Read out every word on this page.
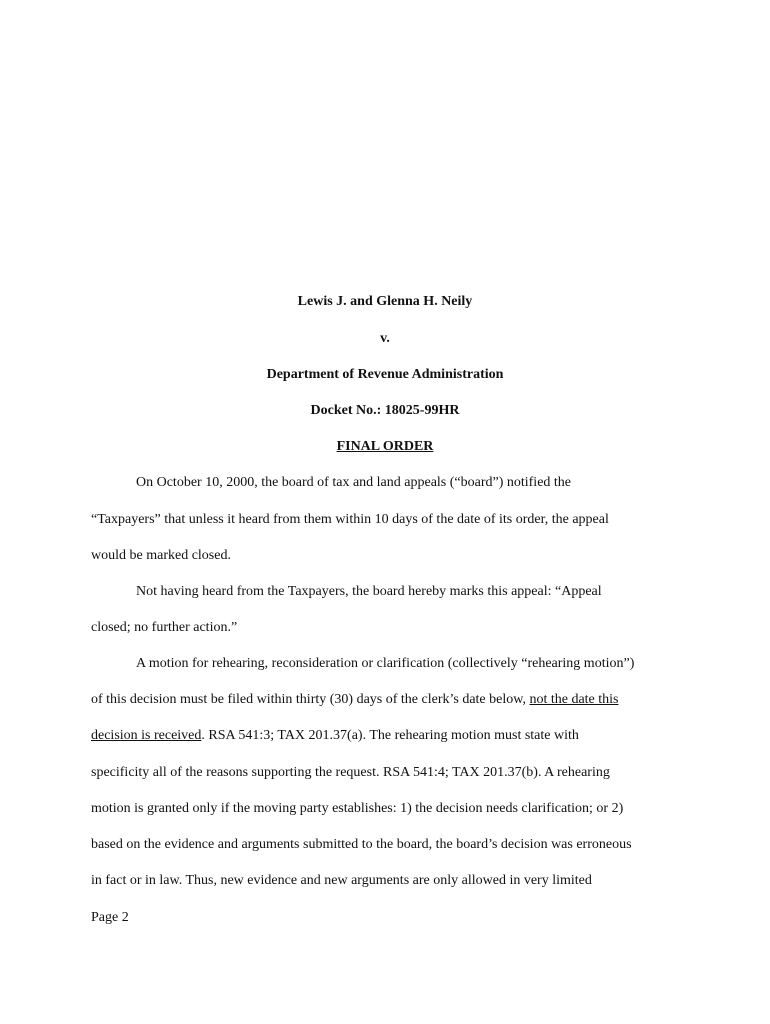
Lewis J. and Glenna H. Neily
v.
Department of Revenue Administration
Docket No.: 18025-99HR
FINAL ORDER
On October 10, 2000, the board of tax and land appeals (“board”) notified the
“Taxpayers” that unless it heard from them within 10 days of the date of its order, the appeal
would be marked closed.
Not having heard from the Taxpayers, the board hereby marks this appeal: “Appeal
closed; no further action.”
A motion for rehearing, reconsideration or clarification (collectively “rehearing motion”)
of this decision must be filed within thirty (30) days of the clerk’s date below, not the date this
decision is received. RSA 541:3; TAX 201.37(a). The rehearing motion must state with
specificity all of the reasons supporting the request. RSA 541:4; TAX 201.37(b). A rehearing
motion is granted only if the moving party establishes: 1) the decision needs clarification; or 2)
based on the evidence and arguments submitted to the board, the board’s decision was erroneous
in fact or in law. Thus, new evidence and new arguments are only allowed in very limited
Page 2
